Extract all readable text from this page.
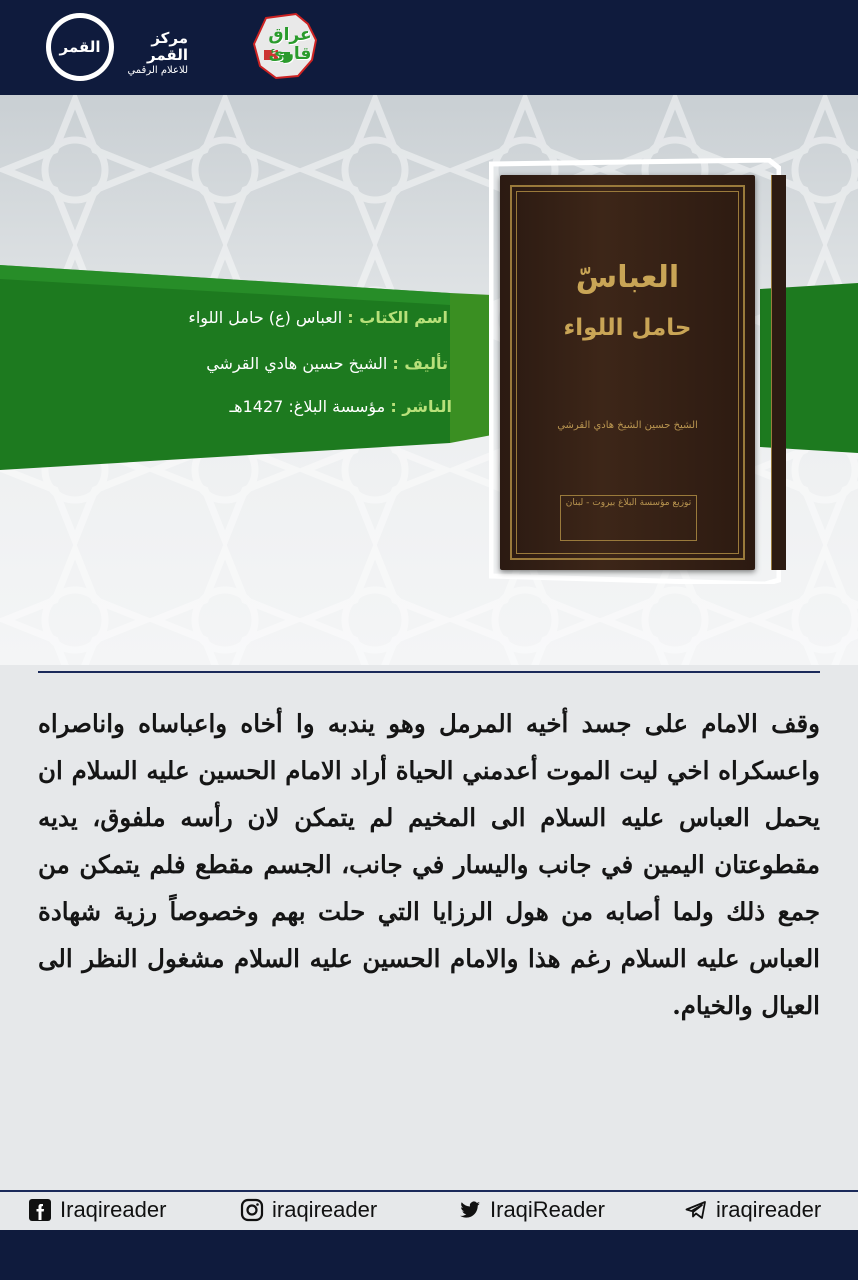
القمر	مركز القمر
للاعلام الرقمي
عراق قارئ
العباسّ
حامل اللواء
الشيخ حسين الشيخ هادي القرشي
توزيع مؤسسة البلاغ بيروت - لبنان
اسم الكتاب : العباس (ع) حامل اللواء
تأليف : الشيخ حسين هادي القرشي
الناشر : مؤسسة البلاغ: 1427هـ
وقف الامام على جسد أخيه المرمل وهو يندبه وا أخاه واعباساه واناصراه واعسكراه اخي ليت الموت أعدمني الحياة أراد الامام الحسين عليه السلام ان يحمل العباس عليه السلام الى المخيم لم يتمكن لان رأسه ملفوق، يديه مقطوعتان اليمين في جانب واليسار في جانب، الجسم مقطع فلم يتمكن من جمع ذلك ولما أصابه من هول الرزايا التي حلت بهم وخصوصاً رزية شهادة العباس عليه السلام رغم هذا والامام الحسين عليه السلام مشغول النظر الى العيال والخيام.
Iraqireader	iraqireader	IraqiReader	iraqireader
